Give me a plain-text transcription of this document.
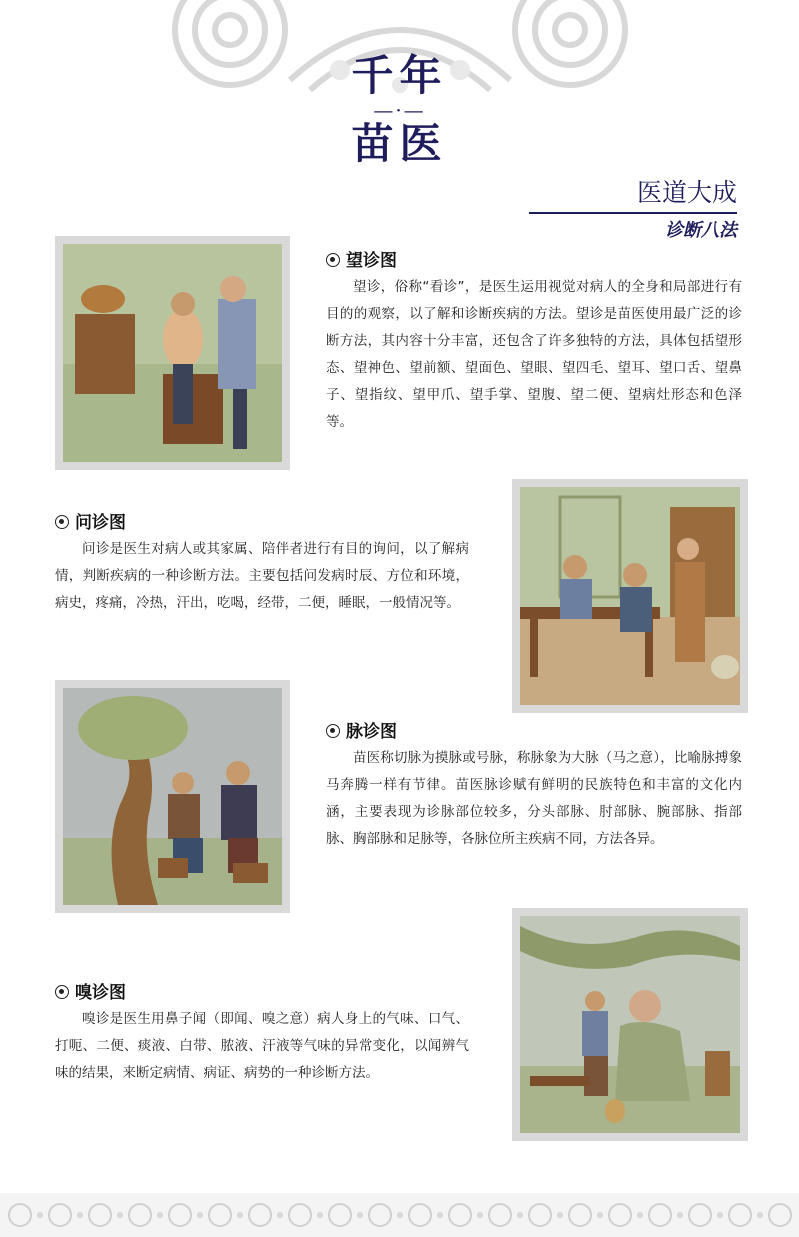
千年
—·—
苗医
医道大成
诊断八法
望诊图
望诊，俗称“看诊”，是医生运用视觉对病人的全身和局部进行有目的的观察，以了解和诊断疾病的方法。望诊是苗医使用最广泛的诊断方法，其内容十分丰富，还包含了许多独特的方法，具体包括望形态、望神色、望前额、望面色、望眼、望四毛、望耳、望口舌、望鼻子、望指纹、望甲爪、望手掌、望腹、望二便、望病灶形态和色泽等。
问诊图
问诊是医生对病人或其家属、陪伴者进行有目的询问，以了解病情，判断疾病的一种诊断方法。主要包括问发病时辰、方位和环境，病史，疼痛，冷热，汗出，吃喝，经带，二便，睡眠，一般情况等。
脉诊图
苗医称切脉为摸脉或号脉，称脉象为大脉（马之意），比喻脉搏象马奔腾一样有节律。苗医脉诊赋有鲜明的民族特色和丰富的文化内涵，主要表现为诊脉部位较多，分头部脉、肘部脉、腕部脉、指部脉、胸部脉和足脉等，各脉位所主疾病不同，方法各异。
嗅诊图
嗅诊是医生用鼻子闻（即闻、嗅之意）病人身上的气味、口气、打呃、二便、痰液、白带、脓液、汗液等气味的异常变化，以闻辨气味的结果，来断定病情、病证、病势的一种诊断方法。
